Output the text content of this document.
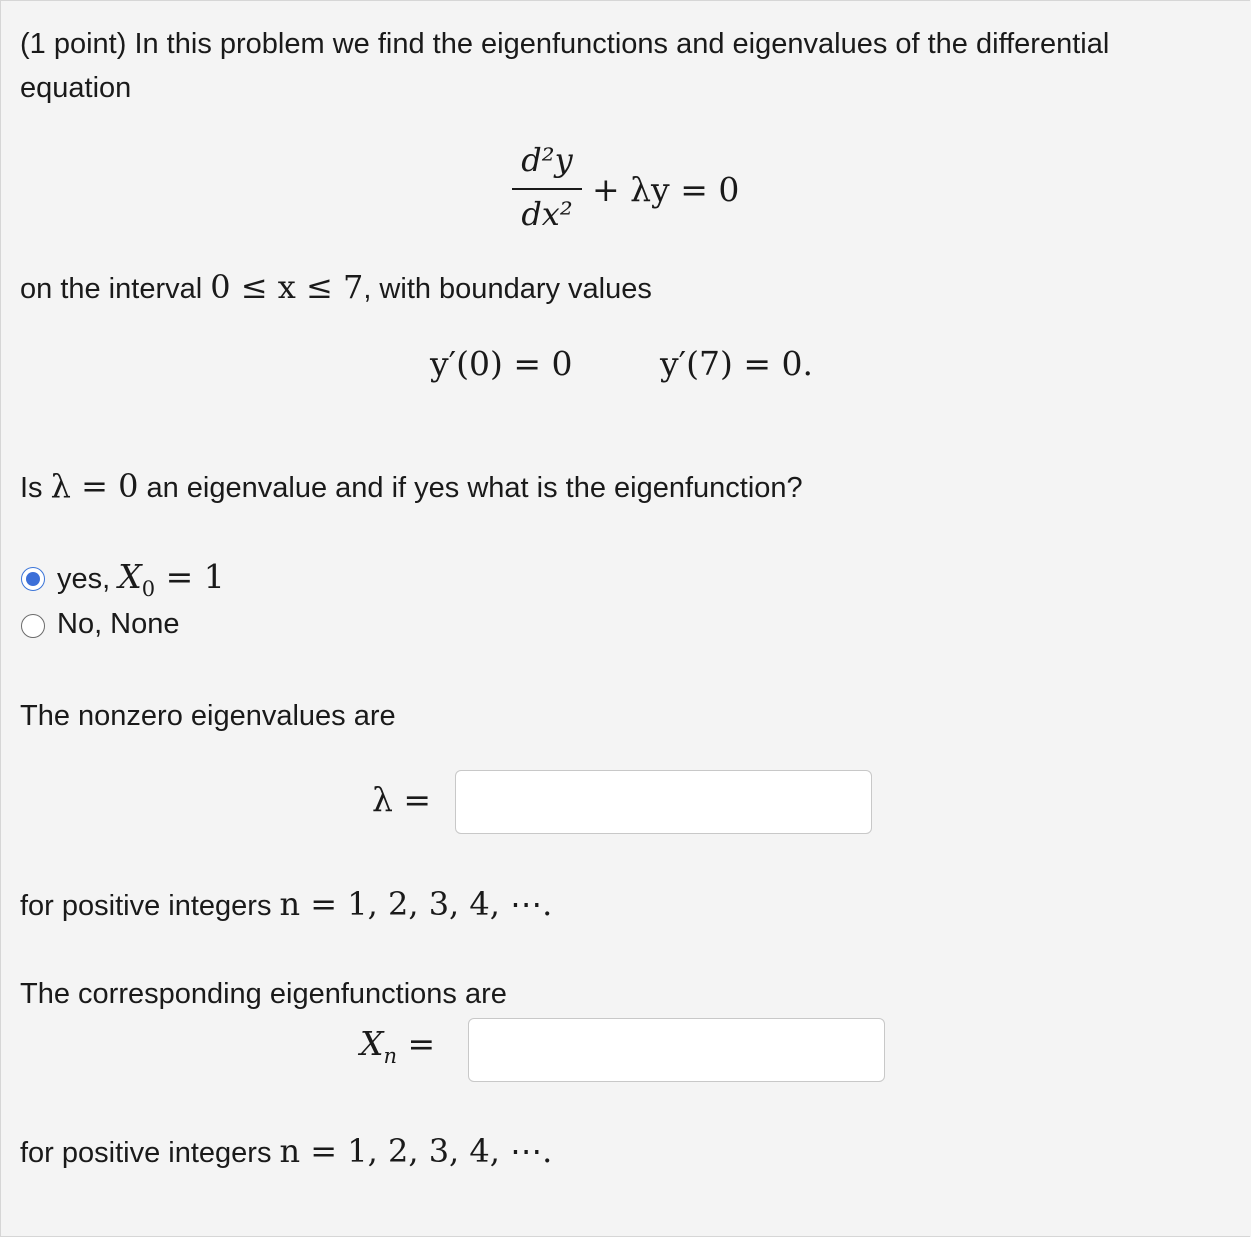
(1 point) In this problem we find the eigenfunctions and eigenvalues of the differential
equation
d²y
dx²
+ λy = 0
on the interval 0 ≤ x ≤ 7, with boundary values
y′(0) = 0	y′(7) = 0.
Is λ = 0 an eigenvalue and if yes what is the eigenfunction?
yes, $X_0 = 1$
No, None
The nonzero eigenvalues are
λ =
for positive integers n = 1, 2, 3, 4, ⋯.
The corresponding eigenfunctions are
$X_n$ =
for positive integers n = 1, 2, 3, 4, ⋯.
